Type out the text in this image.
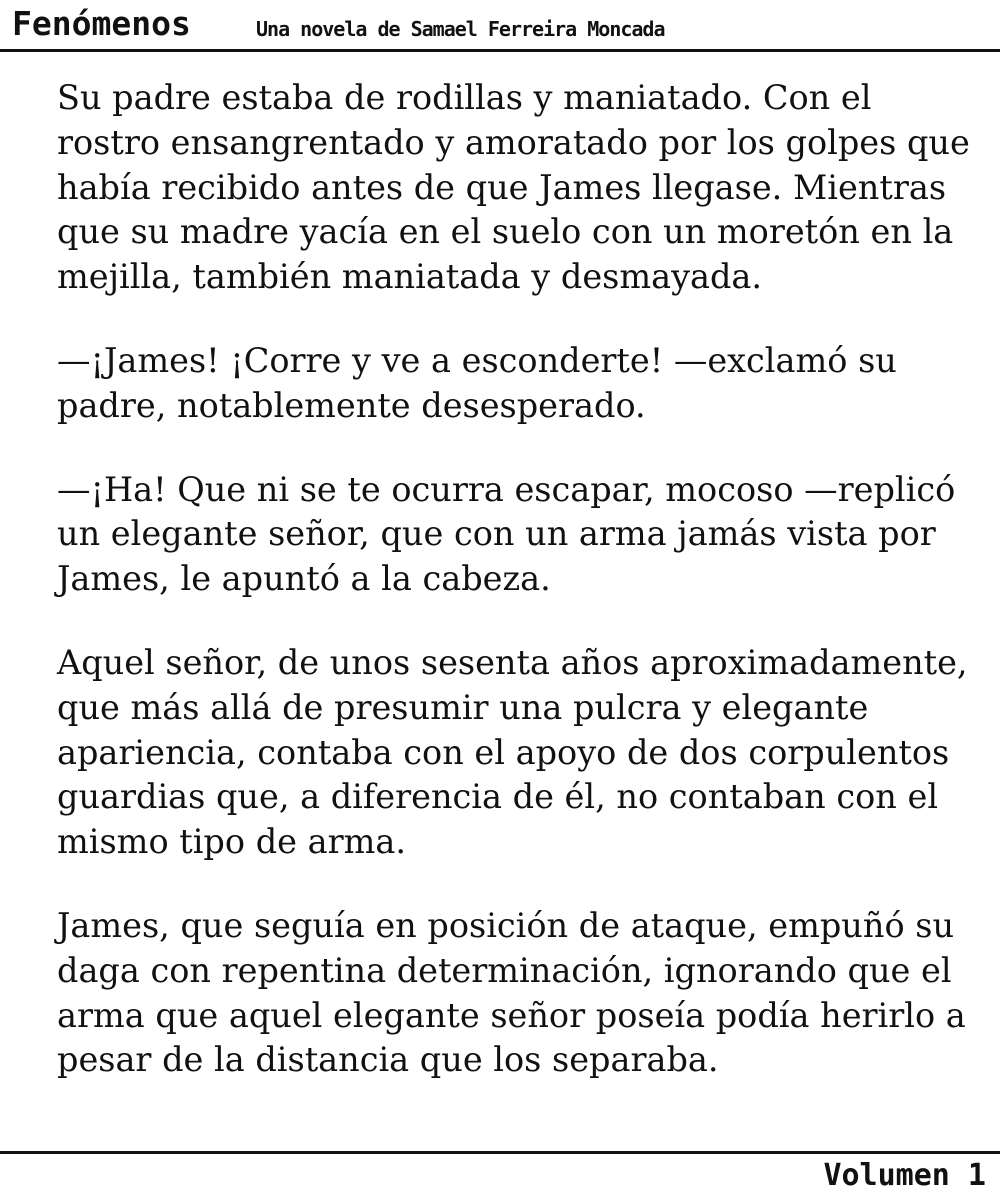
Fenómenos	Una novela de Samael Ferreira Moncada

Su padre estaba de rodillas y maniatado. Con el rostro ensangrentado y amoratado por los golpes que había recibido antes de que James llegase. Mientras que su madre yacía en el suelo con un moretón en la mejilla, también maniatada y desmayada.

—¡James! ¡Corre y ve a esconderte! —exclamó su padre, notablemente desesperado.

—¡Ha! Que ni se te ocurra escapar, mocoso —replicó un elegante señor, que con un arma jamás vista por James, le apuntó a la cabeza.

Aquel señor, de unos sesenta años aproximadamente, que más allá de presumir una pulcra y elegante apariencia, contaba con el apoyo de dos corpulentos guardias que, a diferencia de él, no contaban con el mismo tipo de arma.

James, que seguía en posición de ataque, empuñó su daga con repentina determinación, ignorando que el arma que aquel elegante señor poseía podía herirlo a pesar de la distancia que los separaba.

Volumen 1
